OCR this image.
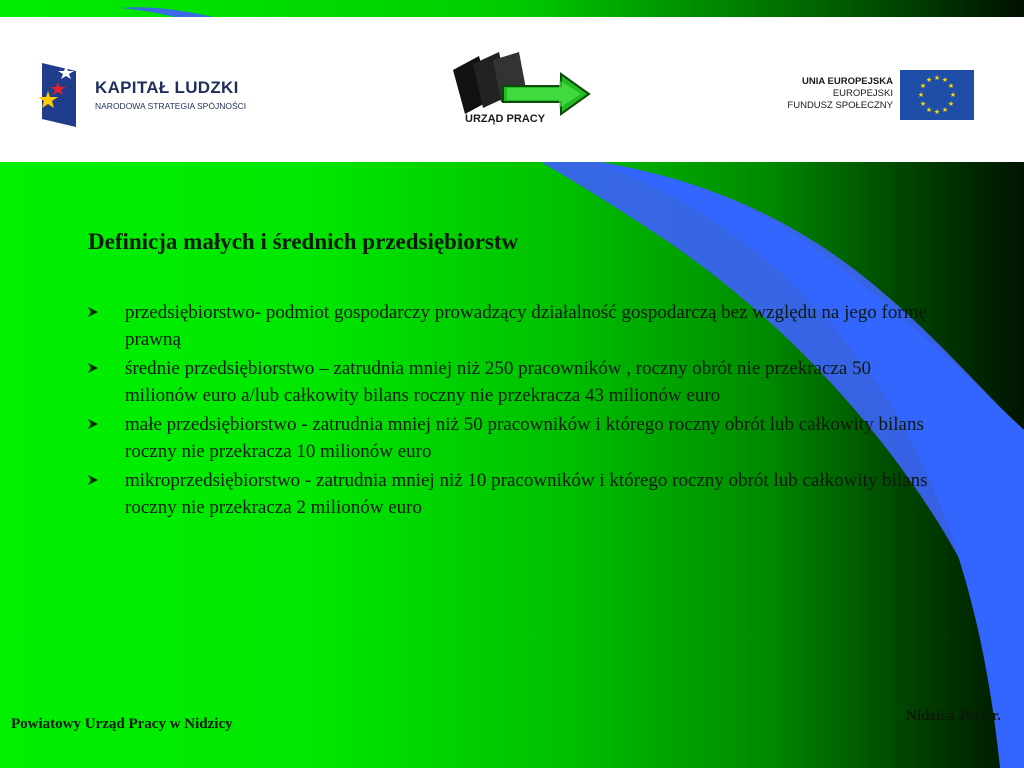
KAPITAŁ LUDZKI
NARODOWA STRATEGIA SPÓJNOŚCI
URZĄD PRACY
UNIA EUROPEJSKA
EUROPEJSKI
FUNDUSZ SPOŁECZNY
★ ★
★
★
★
★
★
★
★
★
★
★
Definicja małych i średnich przedsiębiorstw
przedsiębiorstwo- podmiot gospodarczy prowadzący działalność gospodarczą bez względu na jego formę prawną
średnie przedsiębiorstwo – zatrudnia mniej niż 250 pracowników , roczny obrót nie przekracza 50 milionów euro a/lub całkowity bilans roczny nie przekracza 43 milionów euro
małe przedsiębiorstwo - zatrudnia mniej niż 50 pracowników i którego roczny obrót lub całkowity bilans roczny nie przekracza 10 milionów euro
mikroprzedsiębiorstwo - zatrudnia mniej niż 10 pracowników i którego roczny obrót lub całkowity bilans roczny nie przekracza 2 milionów euro
Powiatowy Urząd Pracy w Nidzicy	Nidzica 2010 r.
